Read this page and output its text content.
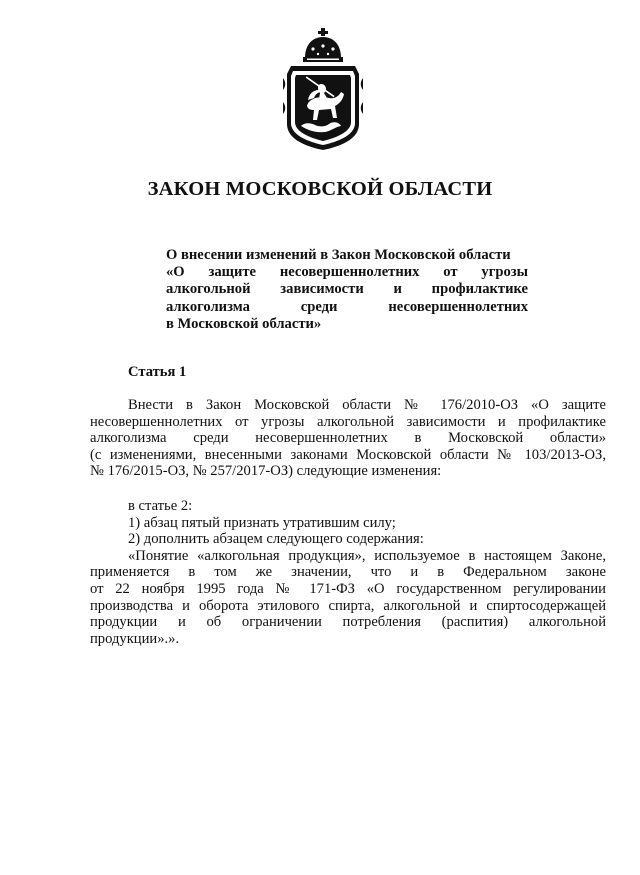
ЗАКОН МОСКОВСКОЙ ОБЛАСТИ
О внесении изменений в Закон Московской области
«О защите несовершеннолетних от угрозы
алкогольной зависимости и профилактике
алкоголизма среди несовершеннолетних
в Московской области»
Статья 1
Внести в Закон Московской области № 176/2010-ОЗ «О защите
несовершеннолетних от угрозы алкогольной зависимости и профилактике
алкоголизма среди несовершеннолетних в Московской области»
(с изменениями, внесенными законами Московской области № 103/2013-ОЗ,
№ 176/2015-ОЗ, № 257/2017-ОЗ) следующие изменения:
в статье 2:
1) абзац пятый признать утратившим силу;
2) дополнить абзацем следующего содержания:
«Понятие «алкогольная продукция», используемое в настоящем Законе,
применяется в том же значении, что и в Федеральном законе
от 22 ноября 1995 года № 171-ФЗ «О государственном регулировании
производства и оборота этилового спирта, алкогольной и спиртосодержащей
продукции и об ограничении потребления (распития) алкогольной
продукции».».
